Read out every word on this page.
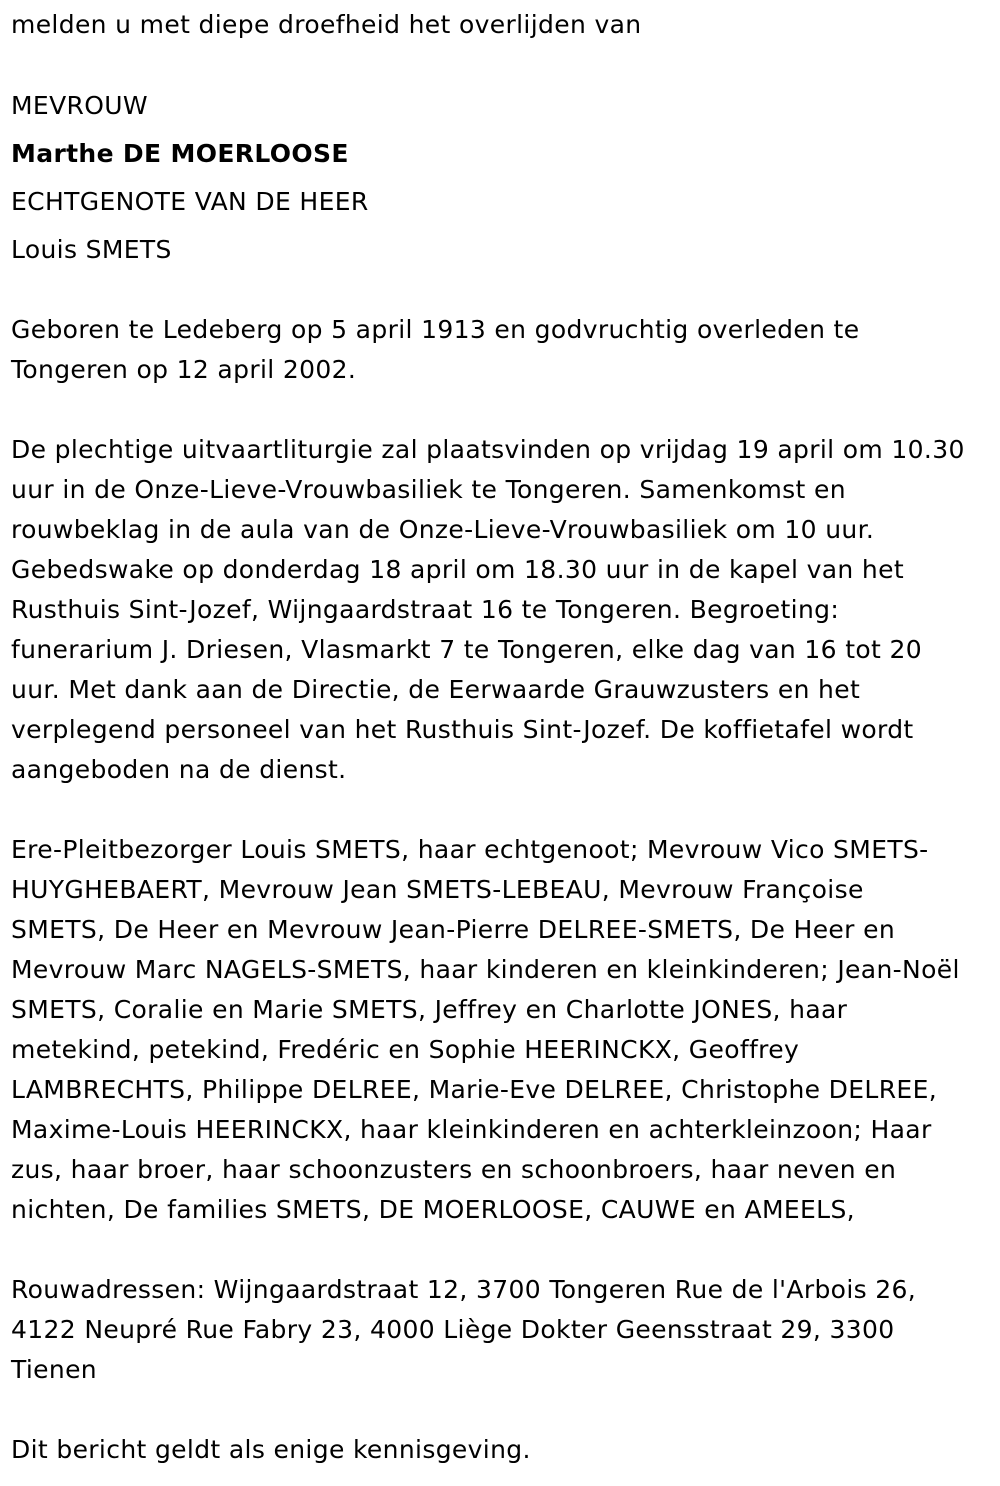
melden u met diepe droefheid het overlijden van
MEVROUW
Marthe DE MOERLOOSE
ECHTGENOTE VAN DE HEER
Louis SMETS
Geboren te Ledeberg op 5 april 1913 en godvruchtig overleden te
Tongeren op 12 april 2002.
De plechtige uitvaartliturgie zal plaatsvinden op vrijdag 19 april om 10.30
uur in de Onze-Lieve-Vrouwbasiliek te Tongeren. Samenkomst en
rouwbeklag in de aula van de Onze-Lieve-Vrouwbasiliek om 10 uur.
Gebedswake op donderdag 18 april om 18.30 uur in de kapel van het
Rusthuis Sint-Jozef, Wijngaardstraat 16 te Tongeren. Begroeting:
funerarium J. Driesen, Vlasmarkt 7 te Tongeren, elke dag van 16 tot 20
uur. Met dank aan de Directie, de Eerwaarde Grauwzusters en het
verplegend personeel van het Rusthuis Sint-Jozef. De koffietafel wordt
aangeboden na de dienst.
Ere-Pleitbezorger Louis SMETS, haar echtgenoot; Mevrouw Vico SMETS-
HUYGHEBAERT, Mevrouw Jean SMETS-LEBEAU, Mevrouw Françoise
SMETS, De Heer en Mevrouw Jean-Pierre DELREE-SMETS, De Heer en
Mevrouw Marc NAGELS-SMETS, haar kinderen en kleinkinderen; Jean-Noël
SMETS, Coralie en Marie SMETS, Jeffrey en Charlotte JONES, haar
metekind, petekind, Fredéric en Sophie HEERINCKX, Geoffrey
LAMBRECHTS, Philippe DELREE, Marie-Eve DELREE, Christophe DELREE,
Maxime-Louis HEERINCKX, haar kleinkinderen en achterkleinzoon; Haar
zus, haar broer, haar schoonzusters en schoonbroers, haar neven en
nichten, De families SMETS, DE MOERLOOSE, CAUWE en AMEELS,
Rouwadressen: Wijngaardstraat 12, 3700 Tongeren Rue de l'Arbois 26,
4122 Neupré Rue Fabry 23, 4000 Liège Dokter Geensstraat 29, 3300
Tienen
Dit bericht geldt als enige kennisgeving.
